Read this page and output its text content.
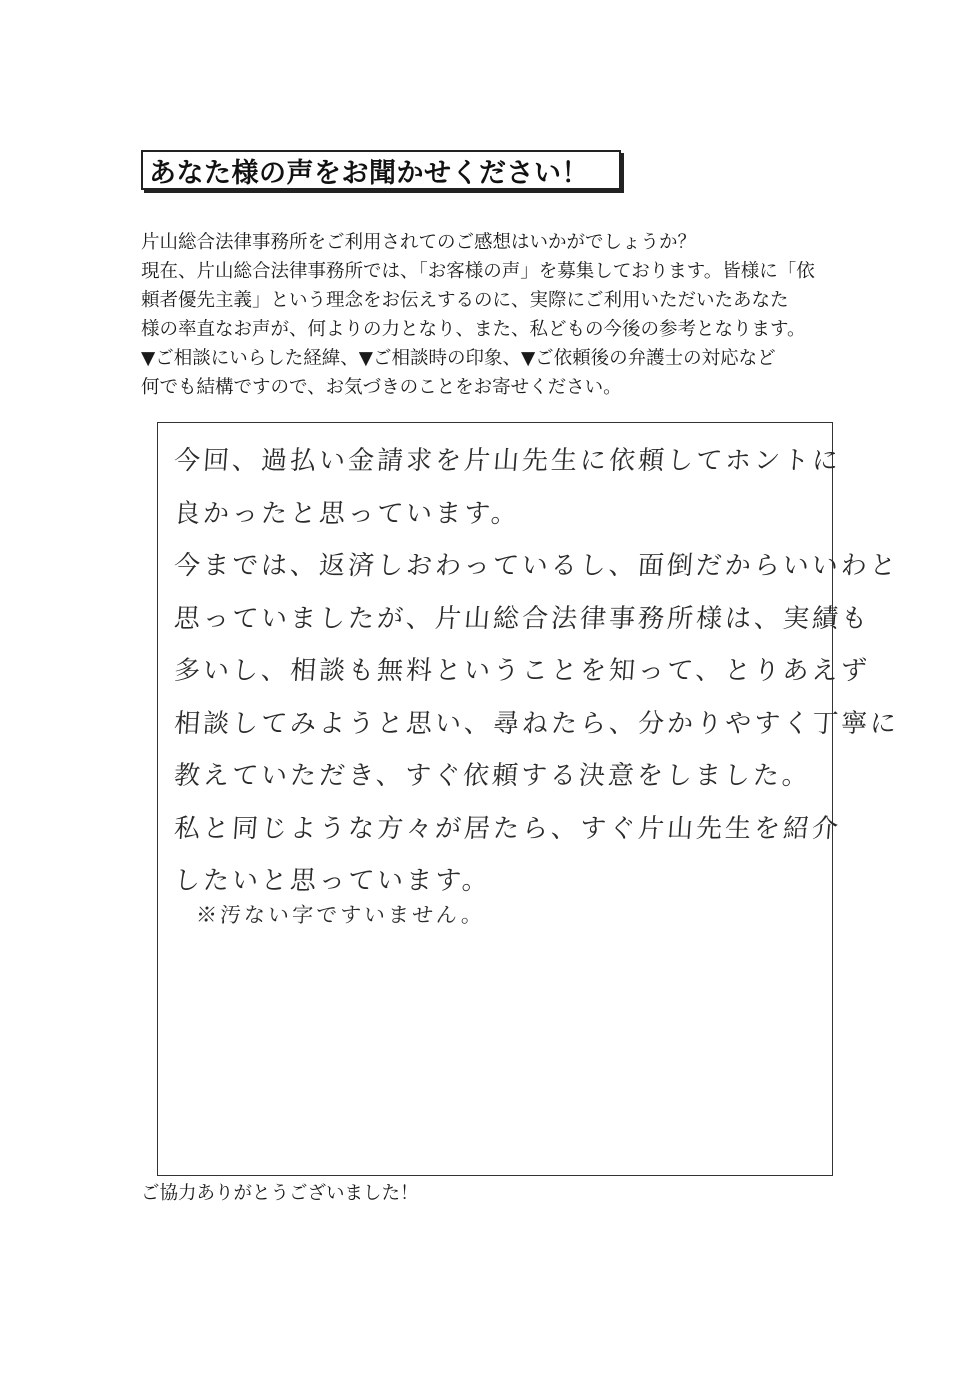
あなた様の声をお聞かせください！
片山総合法律事務所をご利用されてのご感想はいかがでしょうか？
現在、片山総合法律事務所では、「お客様の声」を募集しております。皆様に「依
頼者優先主義」という理念をお伝えするのに、実際にご利用いただいたあなた
様の率直なお声が、何よりの力となり、また、私どもの今後の参考となります。
▼ご相談にいらした経緯、▼ご相談時の印象、▼ご依頼後の弁護士の対応など
何でも結構ですので、お気づきのことをお寄せください。
今回、過払い金請求を片山先生に依頼してホントに
良かったと思っています。
今までは、返済しおわっているし、面倒だからいいわと
思っていましたが、片山総合法律事務所様は、実績も
多いし、相談も無料ということを知って、とりあえず
相談してみようと思い、尋ねたら、分かりやすく丁寧に
教えていただき、すぐ依頼する決意をしました。
私と同じような方々が居たら、すぐ片山先生を紹介
したいと思っています。
※汚ない字ですいません。
ご協力ありがとうございました！
